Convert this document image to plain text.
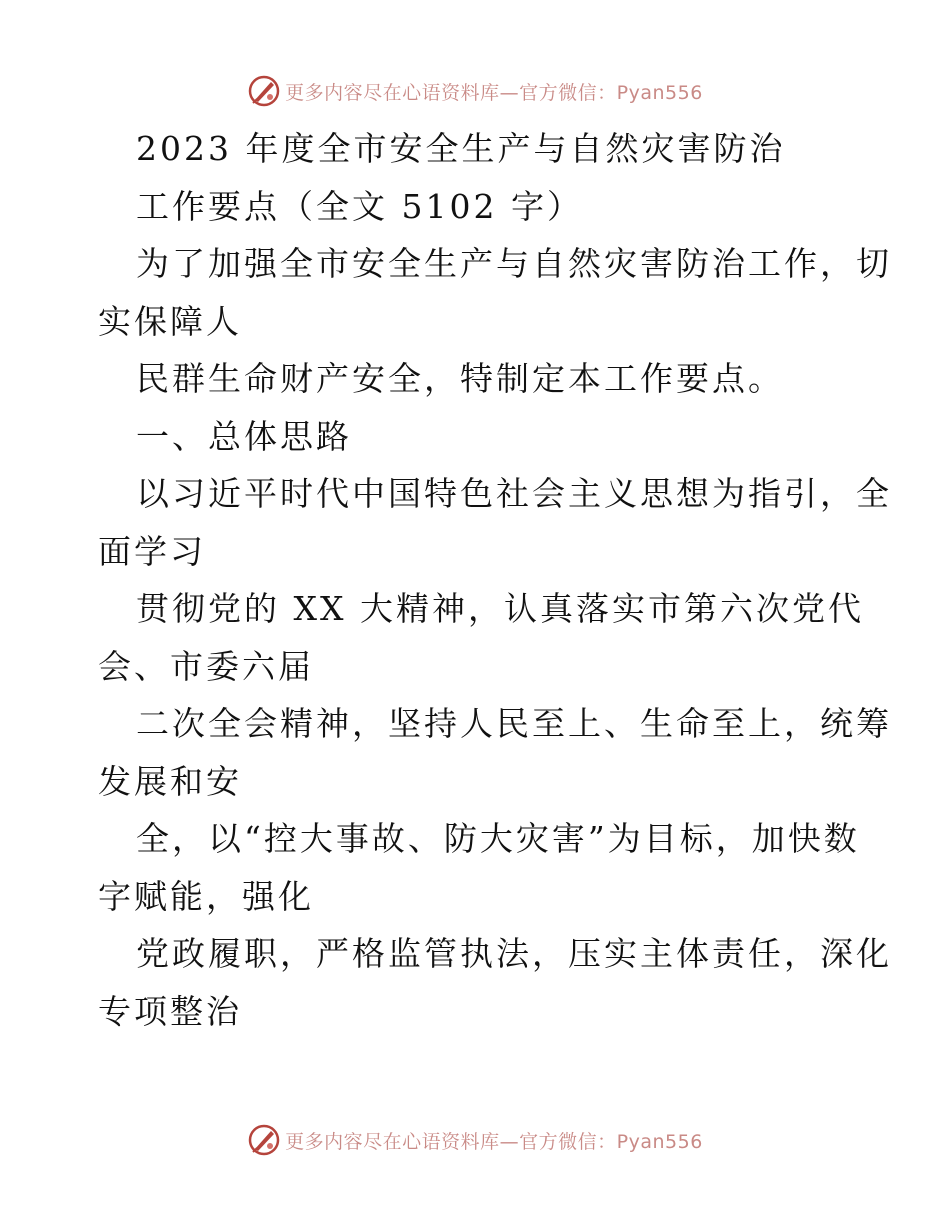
更多内容尽在心语资料库—官方微信：Pyan556
2023 年度全市安全生产与自然灾害防治
工作要点（全文 5102 字）
为了加强全市安全生产与自然灾害防治工作，切
实保障人
民群生命财产安全，特制定本工作要点。
一、总体思路
以习近平时代中国特色社会主义思想为指引，全
面学习
贯彻党的 XX 大精神，认真落实市第六次党代
会、市委六届
二次全会精神，坚持人民至上、生命至上，统筹
发展和安
全，以“控大事故、防大灾害”为目标，加快数
字赋能，强化
党政履职，严格监管执法，压实主体责任，深化
专项整治
更多内容尽在心语资料库—官方微信：Pyan556
